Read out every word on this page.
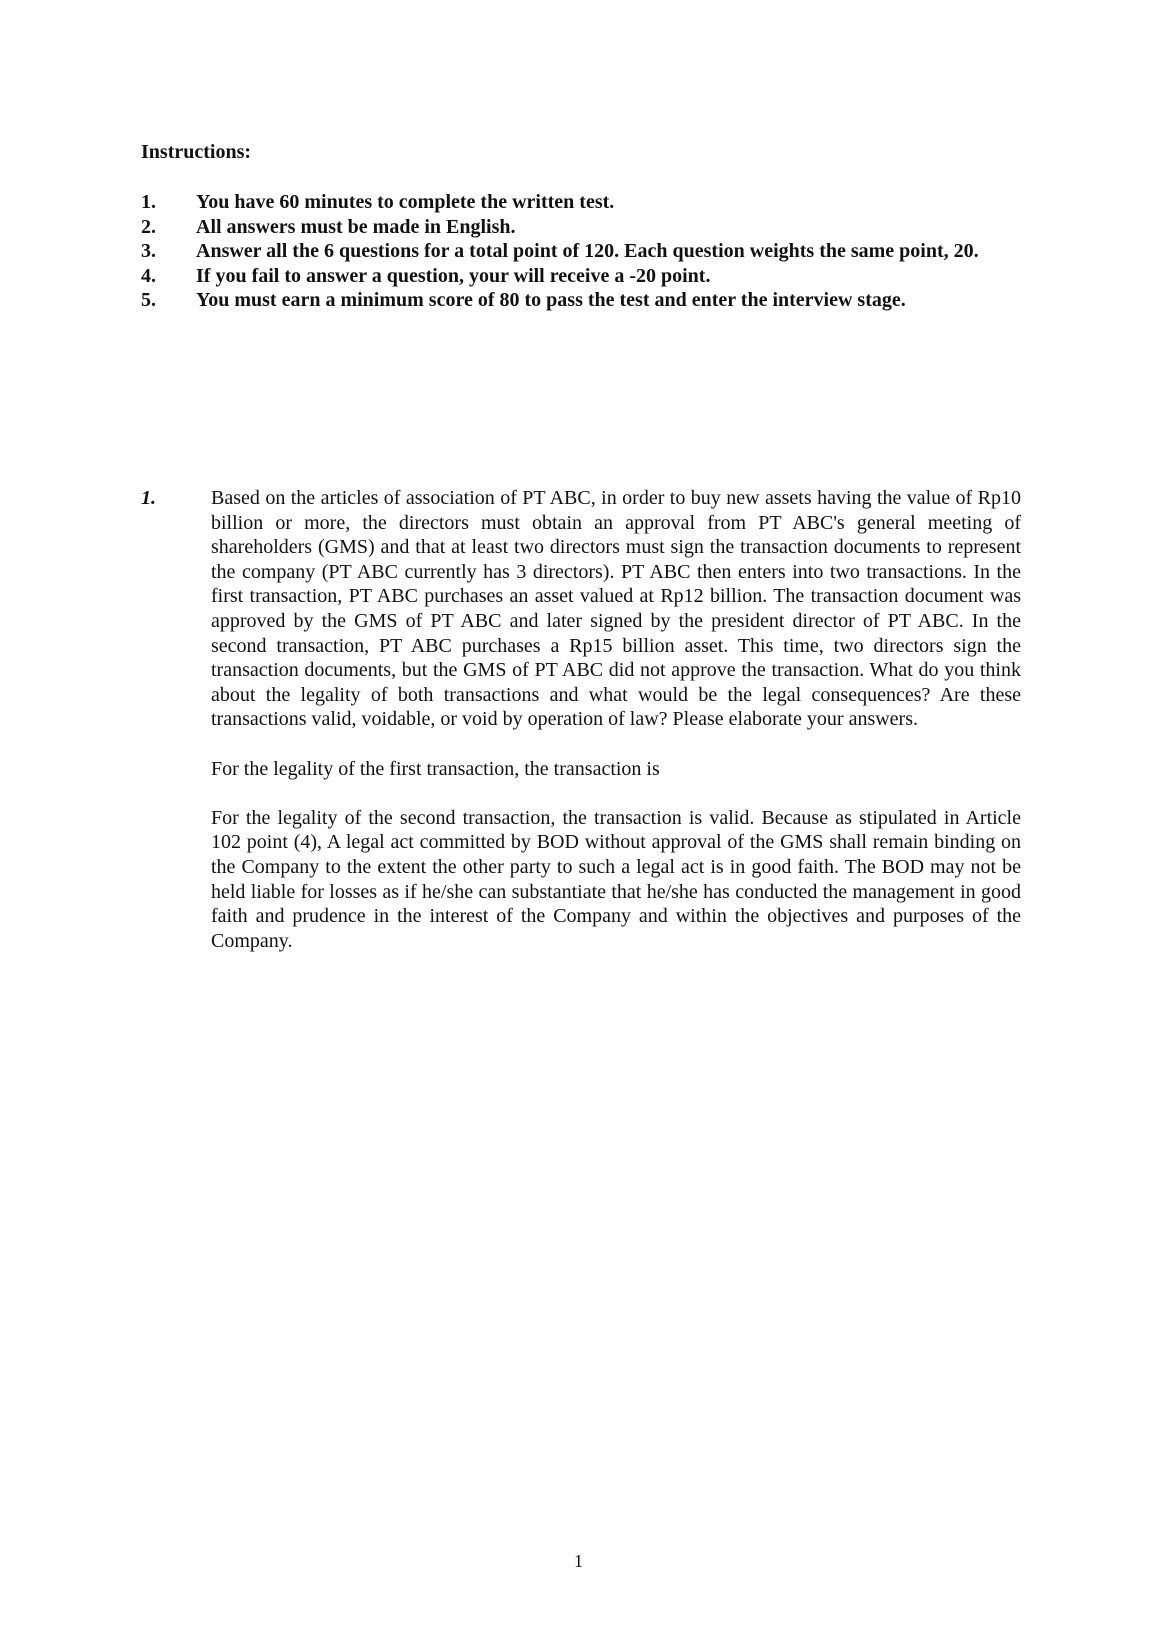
Instructions:
1.	You have 60 minutes to complete the written test.
2.	All answers must be made in English.
3.	Answer all the 6 questions for a total point of 120. Each question weights the same point, 20.
4.	If you fail to answer a question, your will receive a -20 point.
5.	You must earn a minimum score of 80 to pass the test and enter the interview stage.
1.	Based on the articles of association of PT ABC, in order to buy new assets having the value of Rp10 billion or more, the directors must obtain an approval from PT ABC's general meeting of shareholders (GMS) and that at least two directors must sign the transaction documents to represent the company (PT ABC currently has 3 directors). PT ABC then enters into two transactions. In the first transaction, PT ABC purchases an asset valued at Rp12 billion. The transaction document was approved by the GMS of PT ABC and later signed by the president director of PT ABC. In the second transaction, PT ABC purchases a Rp15 billion asset. This time, two directors sign the transaction documents, but the GMS of PT ABC did not approve the transaction. What do you think about the legality of both transactions and what would be the legal consequences? Are these transactions valid, voidable, or void by operation of law? Please elaborate your answers.

For the legality of the first transaction, the transaction is

For the legality of the second transaction, the transaction is valid. Because as stipulated in Article 102 point (4), A legal act committed by BOD without approval of the GMS shall remain binding on the Company to the extent the other party to such a legal act is in good faith. The BOD may not be held liable for losses as if he/she can substantiate that he/she has conducted the management in good faith and prudence in the interest of the Company and within the objectives and purposes of the Company.

1
